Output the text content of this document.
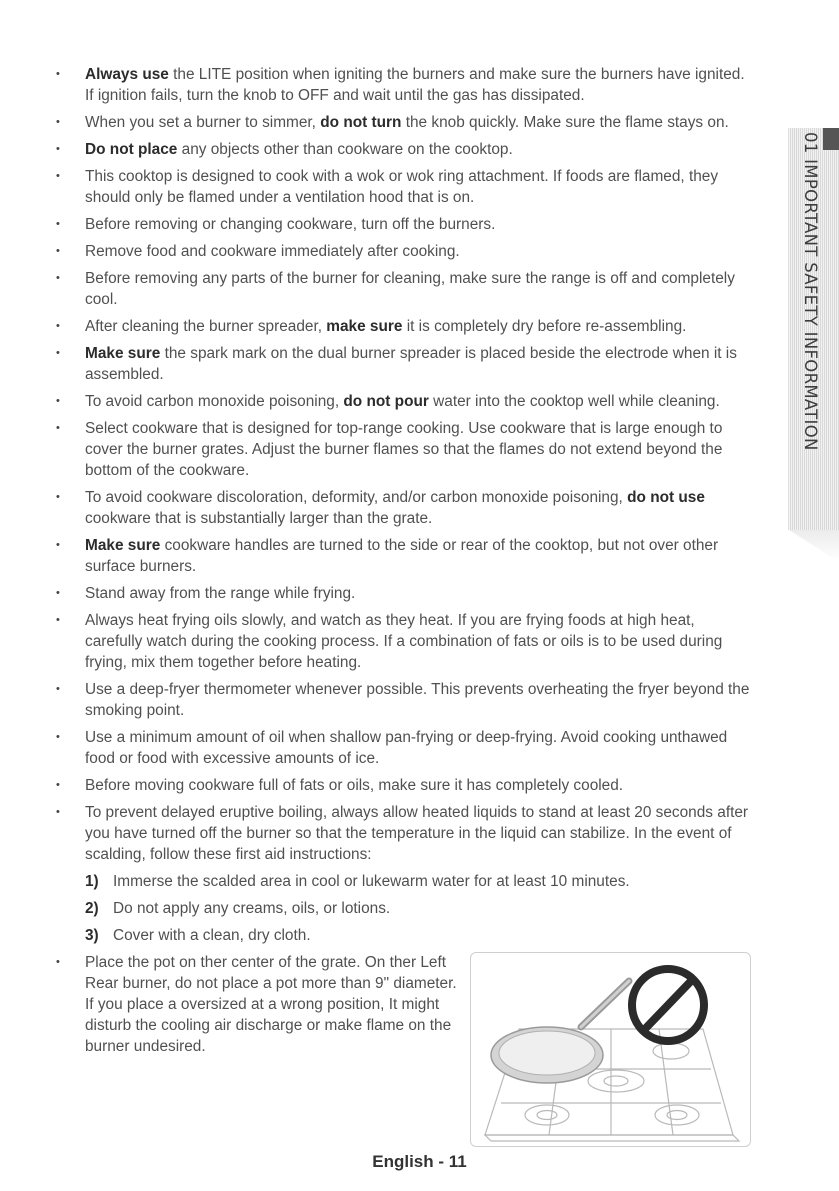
01 IMPORTANT SAFETY INFORMATION
• Always use the LITE position when igniting the burners and make sure the burners have ignited. If ignition fails, turn the knob to OFF and wait until the gas has dissipated.
• When you set a burner to simmer, do not turn the knob quickly. Make sure the flame stays on.
• Do not place any objects other than cookware on the cooktop.
• This cooktop is designed to cook with a wok or wok ring attachment. If foods are flamed, they should only be flamed under a ventilation hood that is on.
• Before removing or changing cookware, turn off the burners.
• Remove food and cookware immediately after cooking.
• Before removing any parts of the burner for cleaning, make sure the range is off and completely cool.
• After cleaning the burner spreader, make sure it is completely dry before re-assembling.
• Make sure the spark mark on the dual burner spreader is placed beside the electrode when it is assembled.
• To avoid carbon monoxide poisoning, do not pour water into the cooktop well while cleaning.
• Select cookware that is designed for top-range cooking. Use cookware that is large enough to cover the burner grates. Adjust the burner flames so that the flames do not extend beyond the bottom of the cookware.
• To avoid cookware discoloration, deformity, and/or carbon monoxide poisoning, do not use cookware that is substantially larger than the grate.
• Make sure cookware handles are turned to the side or rear of the cooktop, but not over other surface burners.
• Stand away from the range while frying.
• Always heat frying oils slowly, and watch as they heat. If you are frying foods at high heat, carefully watch during the cooking process. If a combination of fats or oils is to be used during frying, mix them together before heating.
• Use a deep-fryer thermometer whenever possible. This prevents overheating the fryer beyond the smoking point.
• Use a minimum amount of oil when shallow pan-frying or deep-frying. Avoid cooking unthawed food or food with excessive amounts of ice.
• Before moving cookware full of fats or oils, make sure it has completely cooled.
• To prevent delayed eruptive boiling, always allow heated liquids to stand at least 20 seconds after you have turned off the burner so that the temperature in the liquid can stabilize. In the event of scalding, follow these first aid instructions:
1) Immerse the scalded area in cool or lukewarm water for at least 10 minutes.
2) Do not apply any creams, oils, or lotions.
3) Cover with a clean, dry cloth.
• Place the pot on ther center of the grate. On ther Left Rear burner, do not place a pot more than 9" diameter. If you place a oversized at a wrong position, It might disturb the cooling air discharge or make flame on the burner undesired.
English - 11
